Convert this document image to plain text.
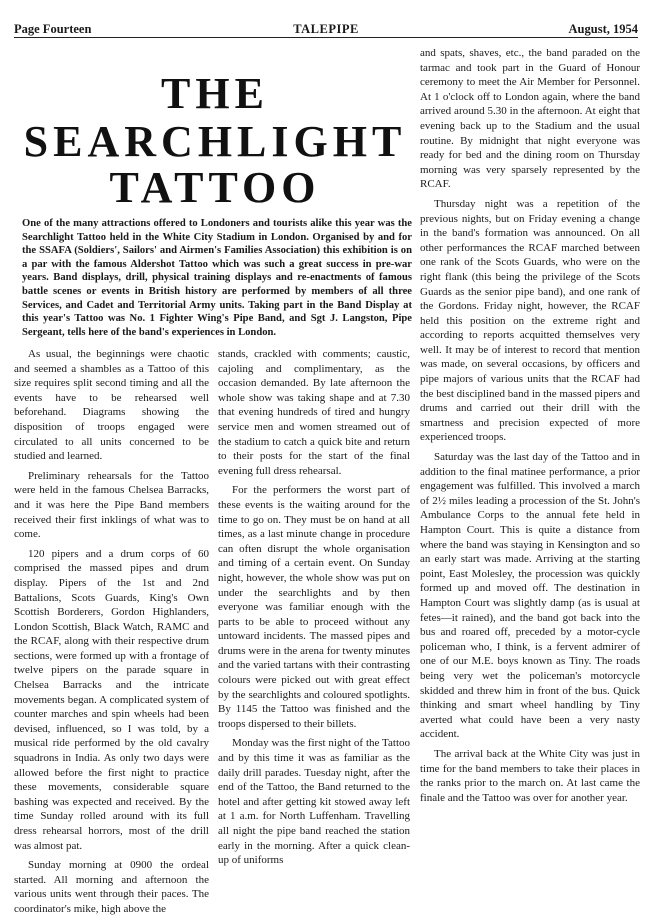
TALEPIPE
Page Fourteen	August, 1954
THE
SEARCHLIGHT
TATTOO
One of the many attractions offered to Londoners and tourists alike this year was the Searchlight Tattoo held in the White City Stadium in London. Organised by and for the SSAFA (Soldiers', Sailors' and Airmen's Families Association) this exhibition is on a par with the famous Aldershot Tattoo which was such a great success in pre-war years. Band displays, drill, physical training displays and re-enactments of famous battle scenes or events in British history are performed by members of all three Services, and Cadet and Territorial Army units. Taking part in the Band Display at this year's Tattoo was No. 1 Fighter Wing's Pipe Band, and Sgt J. Langston, Pipe Sergeant, tells here of the band's experiences in London.

As usual, the beginnings were chaotic and seemed a shambles as a Tattoo of this size requires split second timing and all the events have to be rehearsed well beforehand. Diagrams showing the disposition of troops engaged were circulated to all units concerned to be studied and learned.

Preliminary rehearsals for the Tattoo were held in the famous Chelsea Barracks, and it was here the Pipe Band members received their first inklings of what was to come.

120 pipers and a drum corps of 60 comprised the massed pipes and drum display. Pipers of the 1st and 2nd Battalions, Scots Guards, King's Own Scottish Borderers, Gordon Highlanders, London Scottish, Black Watch, RAMC and the RCAF, along with their respective drum sections, were formed up with a frontage of twelve pipers on the parade square in Chelsea Barracks and the intricate movements began. A complicated system of counter marches and spin wheels had been devised, influenced, so I was told, by a musical ride performed by the old cavalry squadrons in India. As only two days were allowed before the first night to practice these movements, considerable square bashing was expected and received. By the time Sunday rolled around with its full dress rehearsal horrors, most of the drill was almost pat.

Sunday morning at 0900 the ordeal started. All morning and afternoon the various units went through their paces. The coordinator's mike, high above the

stands, crackled with comments; caustic, cajoling and complimentary, as the occasion demanded. By late afternoon the whole show was taking shape and at 7.30 that evening hundreds of tired and hungry service men and women streamed out of the stadium to catch a quick bite and return to their posts for the start of the final evening full dress rehearsal.

For the performers the worst part of these events is the waiting around for the time to go on. They must be on hand at all times, as a last minute change in procedure can often disrupt the whole organisation and timing of a certain event. On Sunday night, however, the whole show was put on under the searchlights and by then everyone was familiar enough with the parts to be able to proceed without any untoward incidents. The massed pipes and drums were in the arena for twenty minutes and the varied tartans with their contrasting colours were picked out with great effect by the searchlights and coloured spotlights. By 1145 the Tattoo was finished and the troops dispersed to their billets.

Monday was the first night of the Tattoo and by this time it was as familiar as the daily drill parades. Tuesday night, after the end of the Tattoo, the Band returned to the hotel and after getting kit stowed away left at 1 a.m. for North Luffenham. Travelling all night the pipe band reached the station early in the morning. After a quick clean-up of uniforms

and spats, shaves, etc., the band paraded on the tarmac and took part in the Guard of Honour ceremony to meet the Air Member for Personnel. At 1 o'clock off to London again, where the band arrived around 5.30 in the afternoon. At eight that evening back up to the Stadium and the usual routine. By midnight that night everyone was ready for bed and the dining room on Thursday morning was very sparsely represented by the RCAF.

Thursday night was a repetition of the previous nights, but on Friday evening a change in the band's formation was announced. On all other performances the RCAF marched between one rank of the Scots Guards, who were on the right flank (this being the privilege of the Scots Guards as the senior pipe band), and one rank of the Gordons. Friday night, however, the RCAF held this position on the extreme right and according to reports acquitted themselves very well. It may be of interest to record that mention was made, on several occasions, by officers and pipe majors of various units that the RCAF had the best disciplined band in the massed pipers and drums and carried out their drill with the smartness and precision expected of more experienced troops.

Saturday was the last day of the Tattoo and in addition to the final matinee performance, a prior engagement was fulfilled. This involved a march of 2½ miles leading a procession of the St. John's Ambulance Corps to the annual fete held in Hampton Court. This is quite a distance from where the band was staying in Kensington and so an early start was made. Arriving at the starting point, East Molesley, the procession was quickly formed up and moved off. The destination in Hampton Court was slightly damp (as is usual at fetes—it rained), and the band got back into the bus and roared off, preceded by a motor-cycle policeman who, I think, is a fervent admirer of one of our M.E. boys known as Tiny. The roads being very wet the policeman's motorcycle skidded and threw him in front of the bus. Quick thinking and smart wheel handling by Tiny averted what could have been a very nasty accident.

The arrival back at the White City was just in time for the band members to take their places in the ranks prior to the march on. At last came the finale and the Tattoo was over for another year.
